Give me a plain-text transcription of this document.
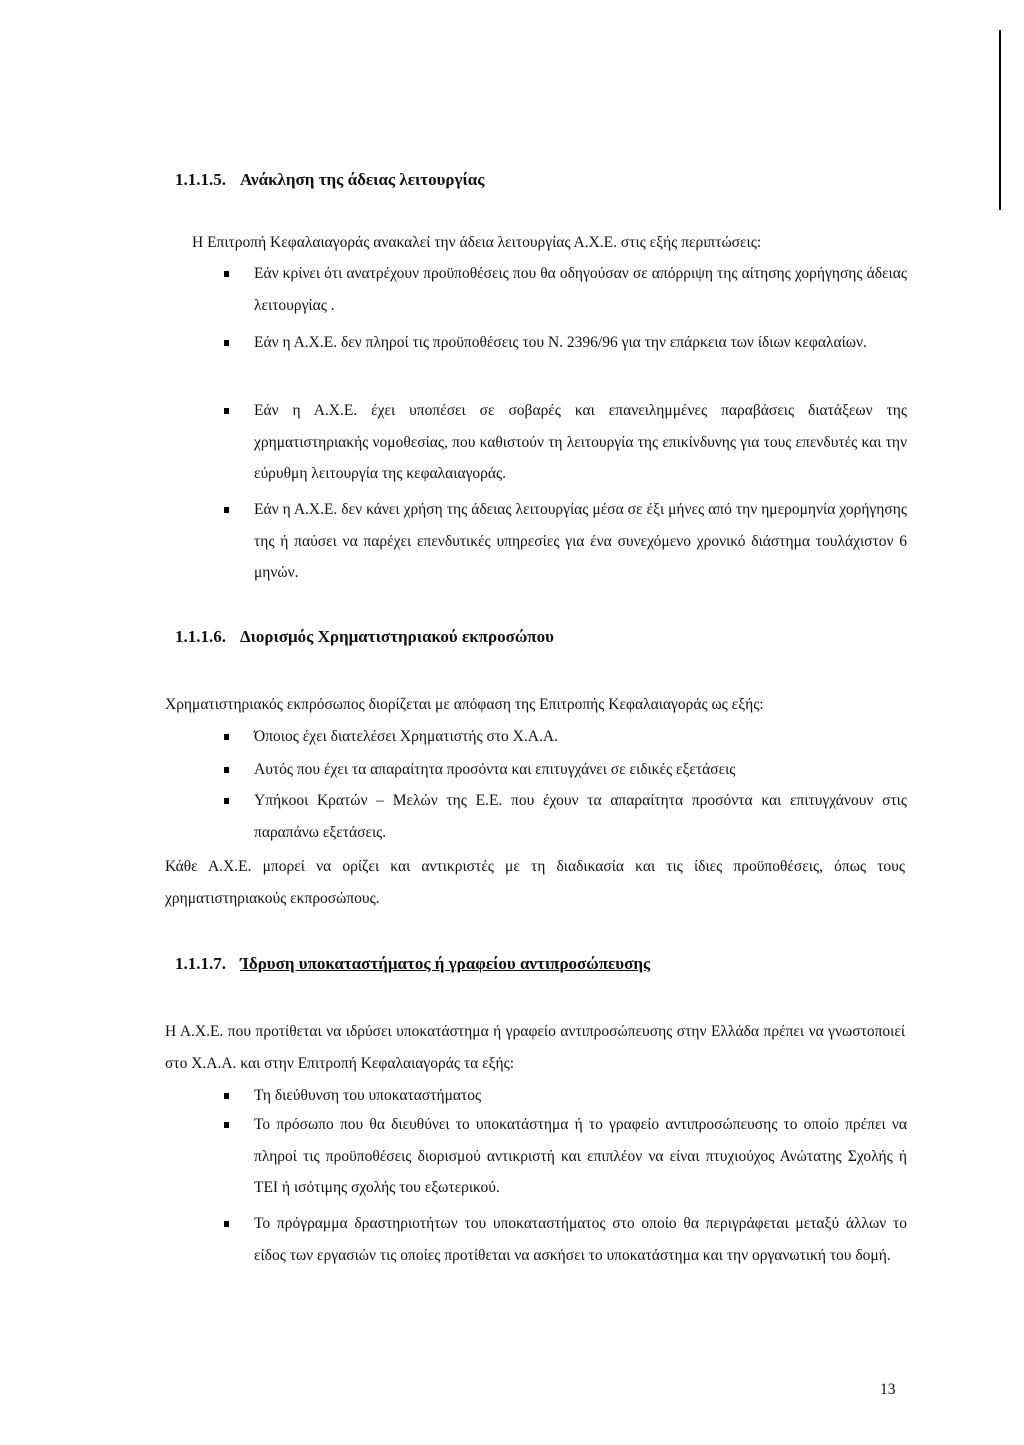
1.1.1.5. Ανάκληση της άδειας λειτουργίας
Η Επιτροπή Κεφαλαιαγοράς ανακαλεί την άδεια λειτουργίας Α.Χ.Ε. στις εξής περιπτώσεις:
Εάν κρίνει ότι ανατρέχουν προϋποθέσεις που θα οδηγούσαν σε απόρριψη της αίτησης χορήγησης άδειας λειτουργίας .
Εάν η Α.Χ.Ε. δεν πληροί τις προϋποθέσεις του Ν. 2396/96 για την επάρκεια των ίδιων κεφαλαίων.
Εάν η Α.Χ.Ε. έχει υποπέσει σε σοβαρές και επανειλημμένες παραβάσεις διατάξεων της χρηματιστηριακής νομοθεσίας, που καθιστούν τη λειτουργία της επικίνδυνης για τους επενδυτές και την εύρυθμη λειτουργία της κεφαλαιαγοράς.
Εάν η Α.Χ.Ε. δεν κάνει χρήση της άδειας λειτουργίας μέσα σε έξι μήνες από την ημερομηνία χορήγησης της ή παύσει να παρέχει επενδυτικές υπηρεσίες για ένα συνεχόμενο χρονικό διάστημα τουλάχιστον 6 μηνών.
1.1.1.6. Διορισμός Χρηματιστηριακού εκπροσώπου
Χρηματιστηριακός εκπρόσωπος διορίζεται με απόφαση της Επιτροπής Κεφαλαιαγοράς ως εξής:
Όποιος έχει διατελέσει Χρηματιστής στο Χ.Α.Α.
Αυτός που έχει τα απαραίτητα προσόντα και επιτυγχάνει σε ειδικές εξετάσεις
Υπήκοοι Κρατών – Μελών της Ε.Ε. που έχουν τα απαραίτητα προσόντα και επιτυγχάνουν στις παραπάνω εξετάσεις.
Κάθε Α.Χ.Ε. μπορεί να ορίζει και αντικριστές με τη διαδικασία και τις ίδιες προϋποθέσεις, όπως τους χρηματιστηριακούς εκπροσώπους.
1.1.1.7. Ίδρυση υποκαταστήματος ή γραφείου αντιπροσώπευσης
Η Α.Χ.Ε. που προτίθεται να ιδρύσει υποκατάστημα ή γραφείο αντιπροσώπευσης στην Ελλάδα πρέπει να γνωστοποιεί στο Χ.Α.Α. και στην Επιτροπή Κεφαλαιαγοράς τα εξής:
Τη διεύθυνση του υποκαταστήματος
Το πρόσωπο που θα διευθύνει το υποκατάστημα ή το γραφείο αντιπροσώπευσης το οποίο πρέπει να πληροί τις προϋποθέσεις διορισμού αντικριστή και επιπλέον να είναι πτυχιούχος Ανώτατης Σχολής ή ΤΕΙ ή ισότιμης σχολής του εξωτερικού.
Το πρόγραμμα δραστηριοτήτων του υποκαταστήματος στο οποίο θα περιγράφεται μεταξύ άλλων το είδος των εργασιών τις οποίες προτίθεται να ασκήσει το υποκατάστημα και την οργανωτική του δομή.
13
